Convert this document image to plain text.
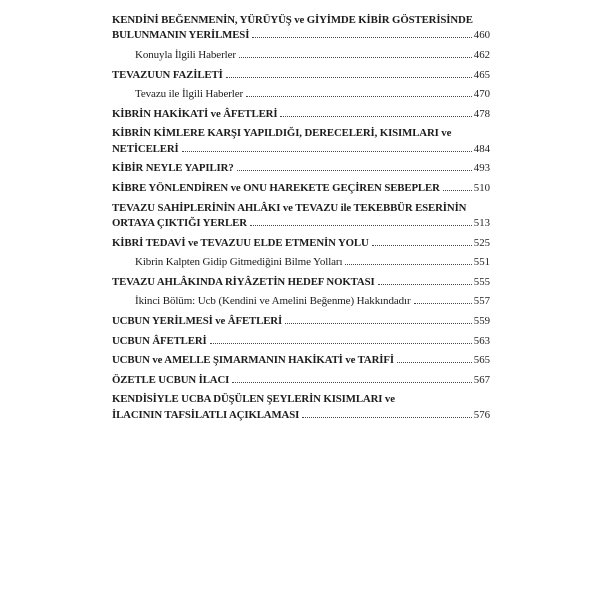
KENDİNİ BEĞENMENİN, YÜRÜYÜŞ ve GİYİMDE KİBİR GÖSTERİSİNDE
BULUNMANIN YERİLMESİ	460
Konuyla İlgili Haberler	462
TEVAZUUN FAZİLETİ	465
Tevazu ile İlgili Haberler	470
KİBRİN HAKİKATİ ve ÂFETLERİ	478
KİBRİN KİMLERE KARŞI YAPILDIĞI, DERECELERİ, KISIMLARI ve
NETİCELERİ	484
KİBİR NEYLE YAPILIR?	493
KİBRE YÖNLENDİREN ve ONU HAREKETE GEÇİREN SEBEPLER	510
TEVAZU SAHİPLERİNİN AHLÂKI ve TEVAZU ile TEKEBBÜR ESERİNİN
ORTAYA ÇIKTIĞI YERLER	513
KİBRİ TEDAVİ ve TEVAZUU ELDE ETMENİN YOLU	525
Kibrin Kalpten Gidip Gitmediğini Bilme Yolları	551
TEVAZU AHLÂKINDA RİYÂZETİN HEDEF NOKTASI	555
İkinci Bölüm: Ucb (Kendini ve Amelini Beğenme) Hakkındadır	557
UCBUN YERİLMESİ ve ÂFETLERİ	559
UCBUN ÂFETLERİ	563
UCBUN ve AMELLE ŞIMARMANIN HAKİKATİ ve TARİFİ	565
ÖZETLE UCBUN İLACI	567
KENDİSİYLE UCBA DÜŞÜLEN ŞEYLERİN KISIMLARI ve
İLACININ TAFSİLATLI AÇIKLAMASI	576
